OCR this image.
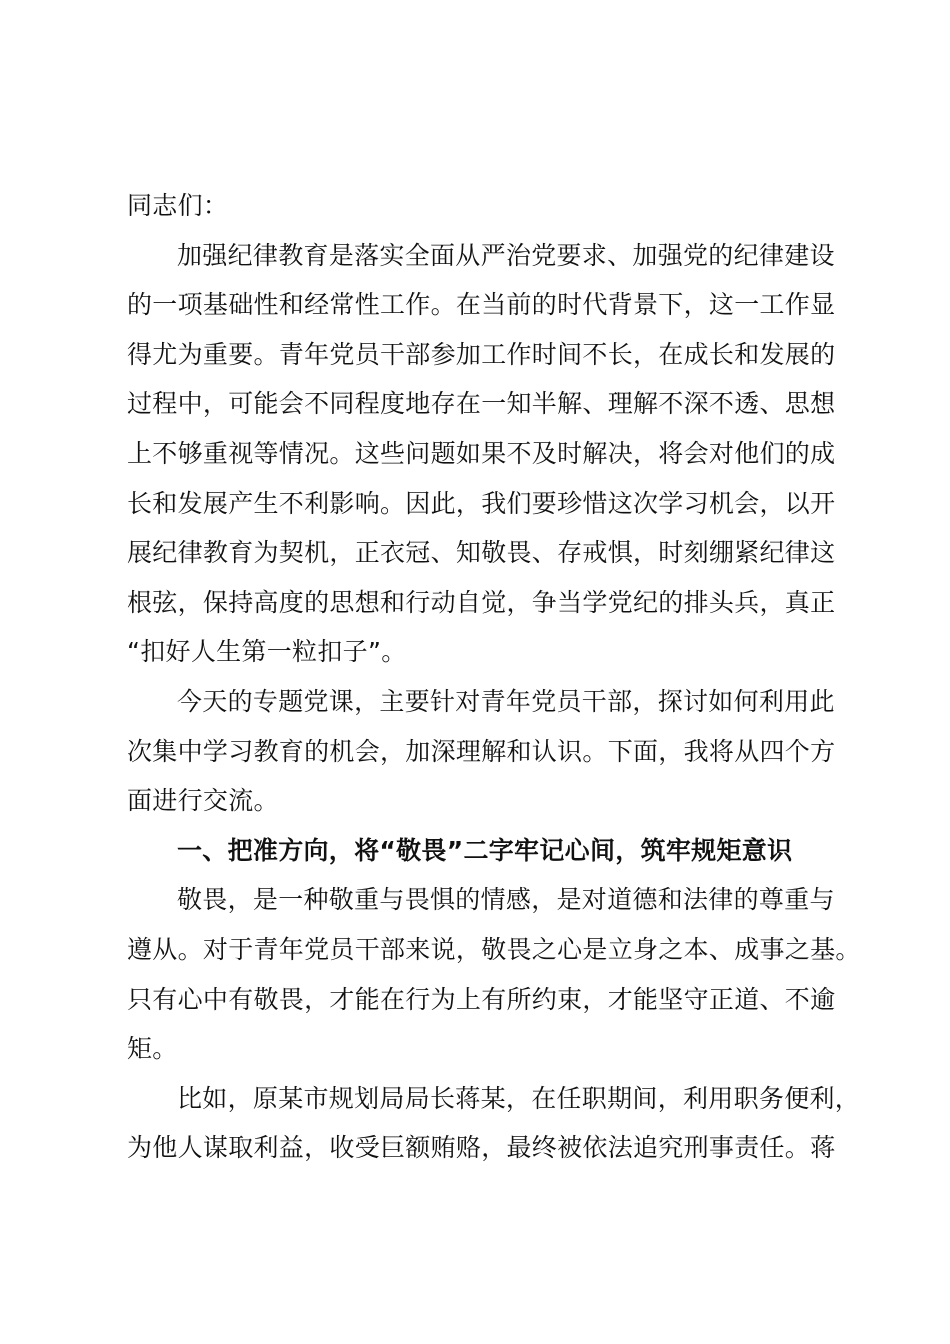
同志们：
加强纪律教育是落实全面从严治党要求、加强党的纪律建设
的一项基础性和经常性工作。在当前的时代背景下，这一工作显
得尤为重要。青年党员干部参加工作时间不长，在成长和发展的
过程中，可能会不同程度地存在一知半解、理解不深不透、思想
上不够重视等情况。这些问题如果不及时解决，将会对他们的成
长和发展产生不利影响。因此，我们要珍惜这次学习机会，以开
展纪律教育为契机，正衣冠、知敬畏、存戒惧，时刻绷紧纪律这
根弦，保持高度的思想和行动自觉，争当学党纪的排头兵，真正
“扣好人生第一粒扣子”。
今天的专题党课，主要针对青年党员干部，探讨如何利用此
次集中学习教育的机会，加深理解和认识。下面，我将从四个方
面进行交流。
一、把准方向，将“敬畏”二字牢记心间，筑牢规矩意识
敬畏，是一种敬重与畏惧的情感，是对道德和法律的尊重与
遵从。对于青年党员干部来说，敬畏之心是立身之本、成事之基。
只有心中有敬畏，才能在行为上有所约束，才能坚守正道、不逾
矩。
比如，原某市规划局局长蒋某，在任职期间，利用职务便利，
为他人谋取利益，收受巨额贿赂，最终被依法追究刑事责任。蒋
